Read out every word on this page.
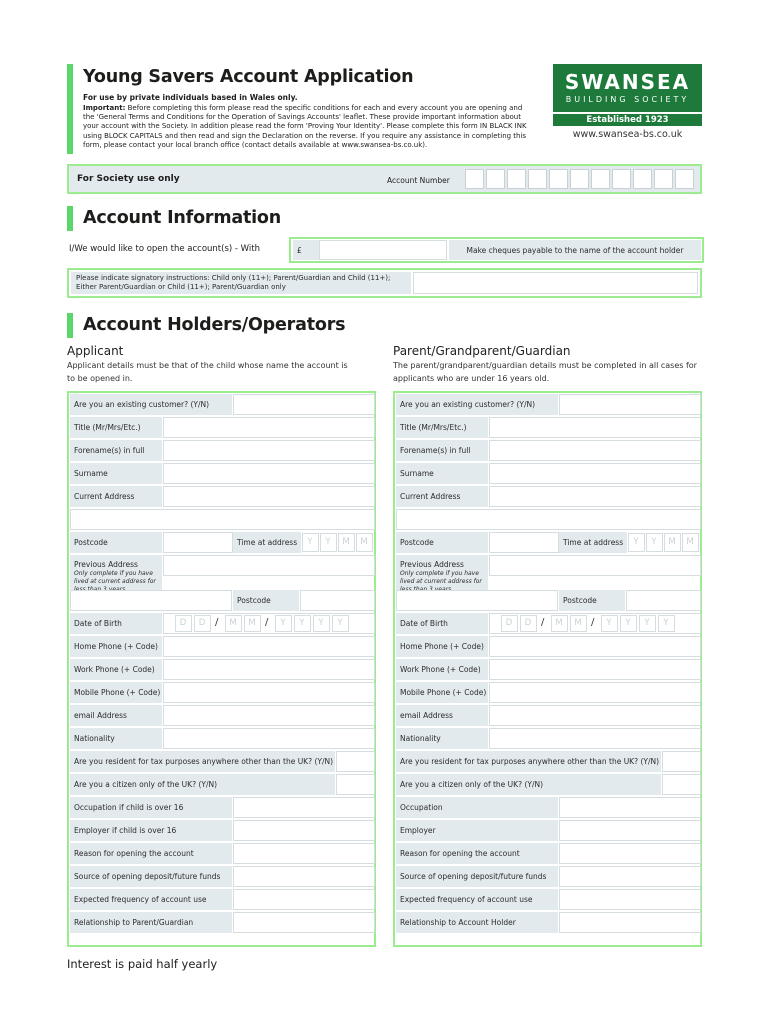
Young Savers Account Application
For use by private individuals based in Wales only.
Important: Before completing this form please read the specific conditions for each and every account you are opening and the 'General Terms and Conditions for the Operation of Savings Accounts' leaflet. These provide important information about your account with the Society. In addition please read the form 'Proving Your Identity'. Please complete this form IN BLACK INK using BLOCK CAPITALS and then read and sign the Declaration on the reverse. If you require any assistance in completing this form, please contact your local branch office (contact details available at www.swansea-bs.co.uk).
SWANSEA
BUILDING SOCIETY
Established 1923
www.swansea-bs.co.uk
For Society use only	Account Number
Account Information
I/We would like to open the account(s) - With	£	Make cheques payable to the name of the account holder
Please indicate signatory instructions: Child only (11+); Parent/Guardian and Child (11+); Either Parent/Guardian or Child (11+); Parent/Guardian only
Account Holders/Operators
Applicant
Applicant details must be that of the child whose name the account is to be opened in.
Parent/Grandparent/Guardian
The parent/grandparent/guardian details must be completed in all cases for applicants who are under 16 years old.
Are you an existing customer? (Y/N)
Title (Mr/Mrs/Etc.)
Forename(s) in full
Surname
Current Address
Postcode	Time at address	Y	Y	M	M
Previous Address
Only complete if you have lived at current address for
Postcode
Date of Birth	D	D /	M	M /	Y	Y	Y	Y
Home Phone (+ Code)
Work Phone (+ Code)
Mobile Phone (+ Code)
email Address
Nationality
Are you resident for tax purposes anywhere other than the UK? (Y/N)
Are you a citizen only of the UK? (Y/N)
Occupation if child is over 16
Employer if child is over 16
Reason for opening the account
Source of opening deposit/future funds
Expected frequency of account use
Relationship to Parent/Guardian
Are you an existing customer? (Y/N)
Title (Mr/Mrs/Etc.)
Forename(s) in full
Surname
Current Address
Postcode	Time at address	Y	Y	M	M
Previous Address
Only complete if you have lived at current address for
Postcode
Date of Birth	D	D /	M	M /	Y	Y	Y	Y
Home Phone (+ Code)
Work Phone (+ Code)
Mobile Phone (+ Code)
email Address
Nationality
Are you resident for tax purposes anywhere other than the UK? (Y/N)
Are you a citizen only of the UK? (Y/N)
Occupation
Employer
Reason for opening the account
Source of opening deposit/future funds
Expected frequency of account use
Relationship to Account Holder
Interest is paid half yearly
